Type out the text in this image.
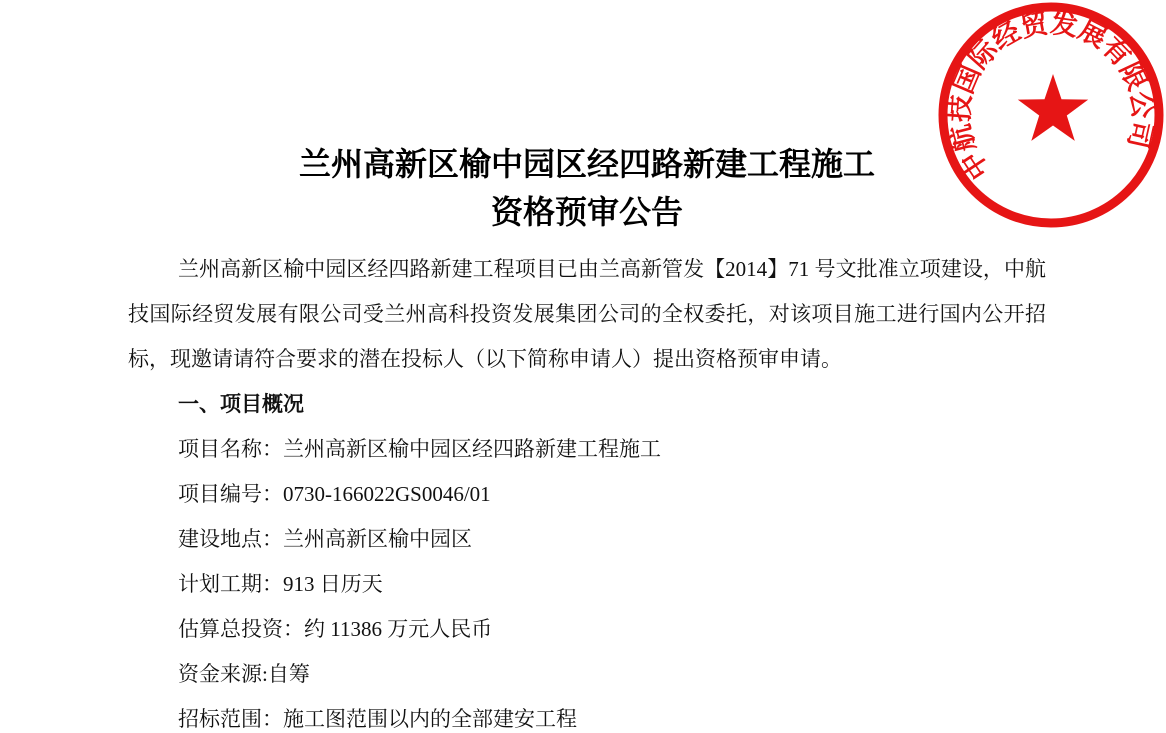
中航技国际经贸发展有限公司
兰州高新区榆中园区经四路新建工程施工
资格预审公告
兰州高新区榆中园区经四路新建工程项目已由兰高新管发【2014】71 号文批准立项建设，中航
技国际经贸发展有限公司受兰州高科投资发展集团公司的全权委托，对该项目施工进行国内公开招
标，现邀请请符合要求的潜在投标人（以下简称申请人）提出资格预审申请。
一、项目概况
项目名称：兰州高新区榆中园区经四路新建工程施工
项目编号：0730-166022GS0046/01
建设地点：兰州高新区榆中园区
计划工期：913 日历天
估算总投资：约 11386 万元人民币
资金来源:自筹
招标范围：施工图范围以内的全部建安工程
